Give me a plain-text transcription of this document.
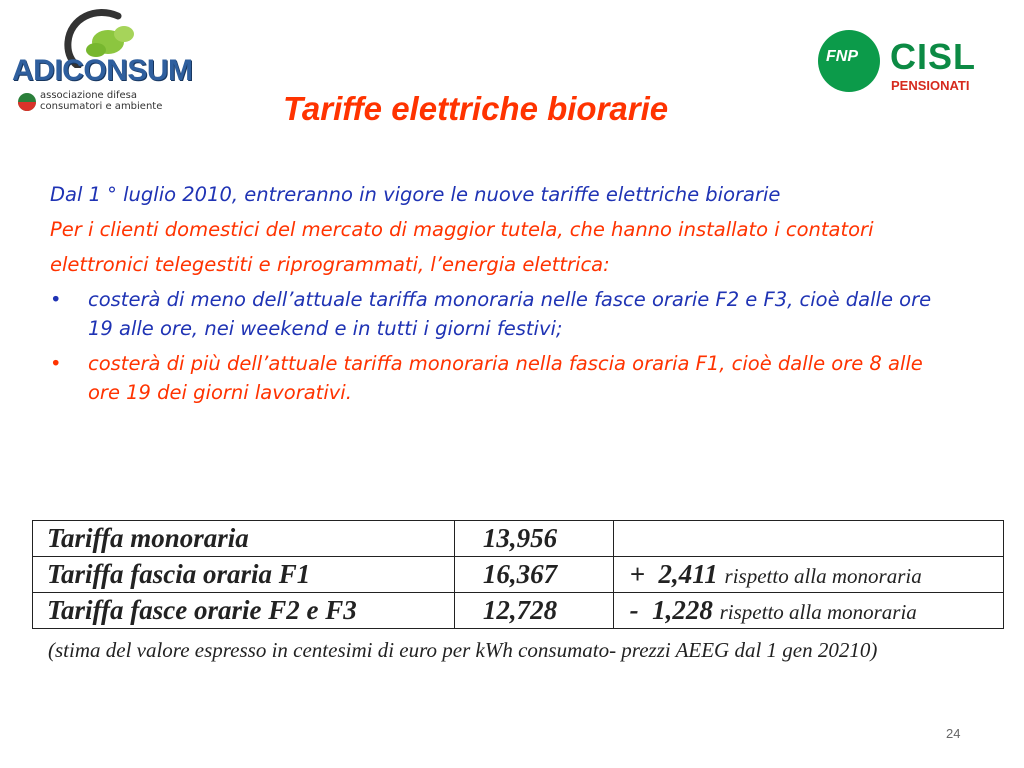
ADICONSUM
associazione difesa
consumatori e ambiente
FNP CISL
PENSIONATI
Tariffe elettriche biorarie

Dal 1 ° luglio 2010, entreranno in vigore le nuove tariffe elettriche biorarie

Per i clienti domestici del mercato di maggior tutela, che hanno installato i contatori

elettronici telegestiti e riprogrammati, l’energia elettrica:

• costerà di meno dell’attuale tariffa monoraria nelle fasce orarie F2 e F3, cioè dalle ore 19 alle ore, nei weekend e in tutti i giorni festivi;
• costerà di più dell’attuale tariffa monoraria nella fascia oraria F1, cioè dalle ore 8 alle ore 19 dei giorni lavorativi.
Tariffa monoraria	13,956	
Tariffa fascia oraria F1	16,367	+  2,411 rispetto alla monoraria
Tariffa fasce orarie F2 e F3	12,728	-  1,228 rispetto alla monoraria
(stima del valore espresso in centesimi di euro per kWh consumato- prezzi AEEG dal 1 gen 20210)
24
